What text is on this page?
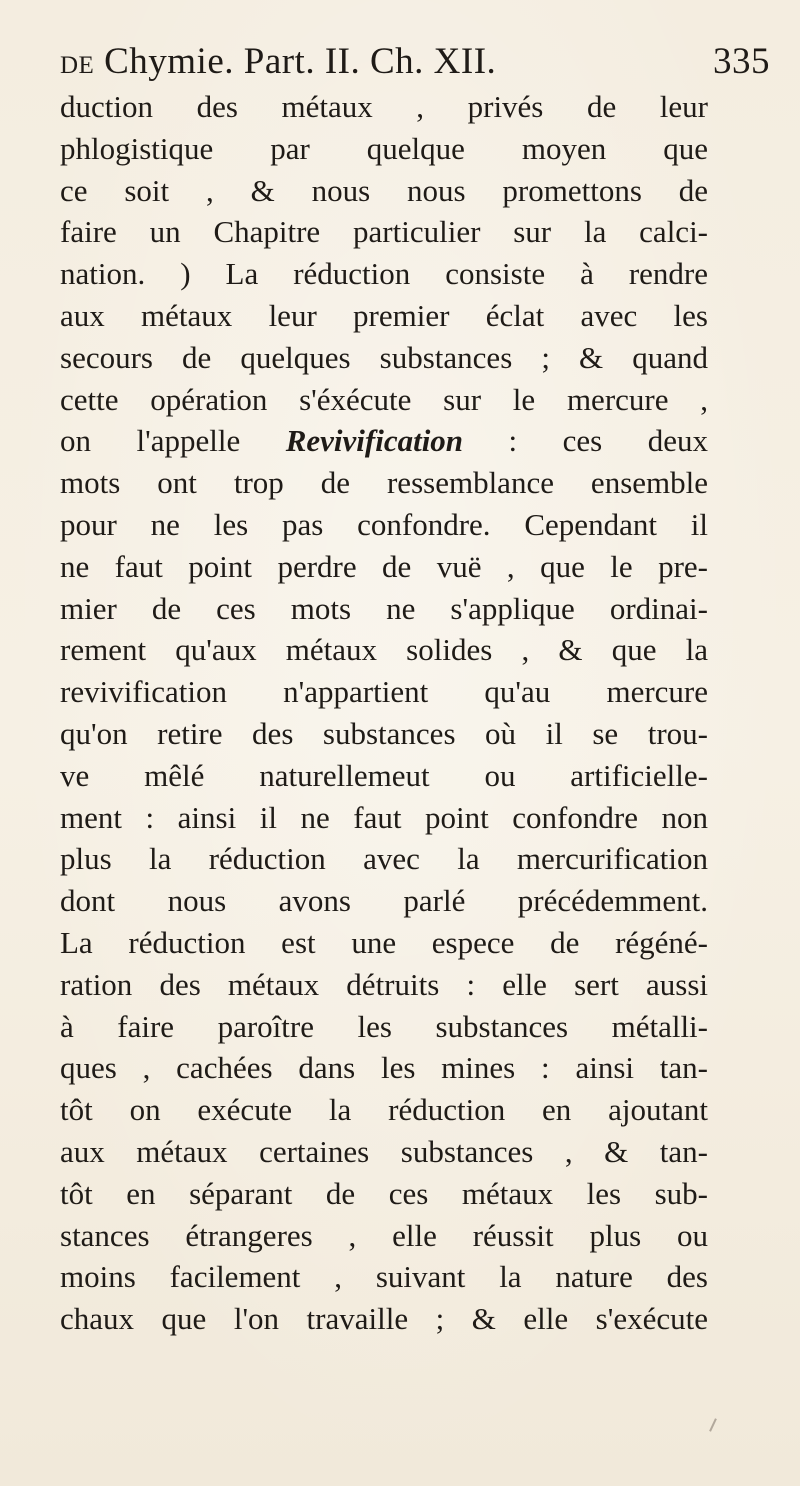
DE Chymie. Part. II. Ch. XII.	335
duction des métaux , privés de leur
phlogistique par quelque moyen que
ce soit , & nous nous promettons de
faire un Chapitre particulier sur la calci-
nation. ) La réduction consiste à rendre
aux métaux leur premier éclat avec les
secours de quelques substances ; & quand
cette opération s'éxécute sur le mercure ,
on l'appelle Revivification : ces deux
mots ont trop de ressemblance ensemble
pour ne les pas confondre. Cependant il
ne faut point perdre de vuë , que le pre-
mier de ces mots ne s'applique ordinai-
rement qu'aux métaux solides , & que la
revivification n'appartient qu'au mercure
qu'on retire des substances où il se trou-
ve mêlé naturellemeut ou artificielle-
ment : ainsi il ne faut point confondre non
plus la réduction avec la mercurification
dont nous avons parlé précédemment.
La réduction est une espece de régéné-
ration des métaux détruits : elle sert aussi
à faire paroître les substances métalli-
ques , cachées dans les mines : ainsi tan-
tôt on exécute la réduction en ajoutant
aux métaux certaines substances , & tan-
tôt en séparant de ces métaux les sub-
stances étrangeres , elle réussit plus ou
moins facilement , suivant la nature des
chaux que l'on travaille ; & elle s'exécute
